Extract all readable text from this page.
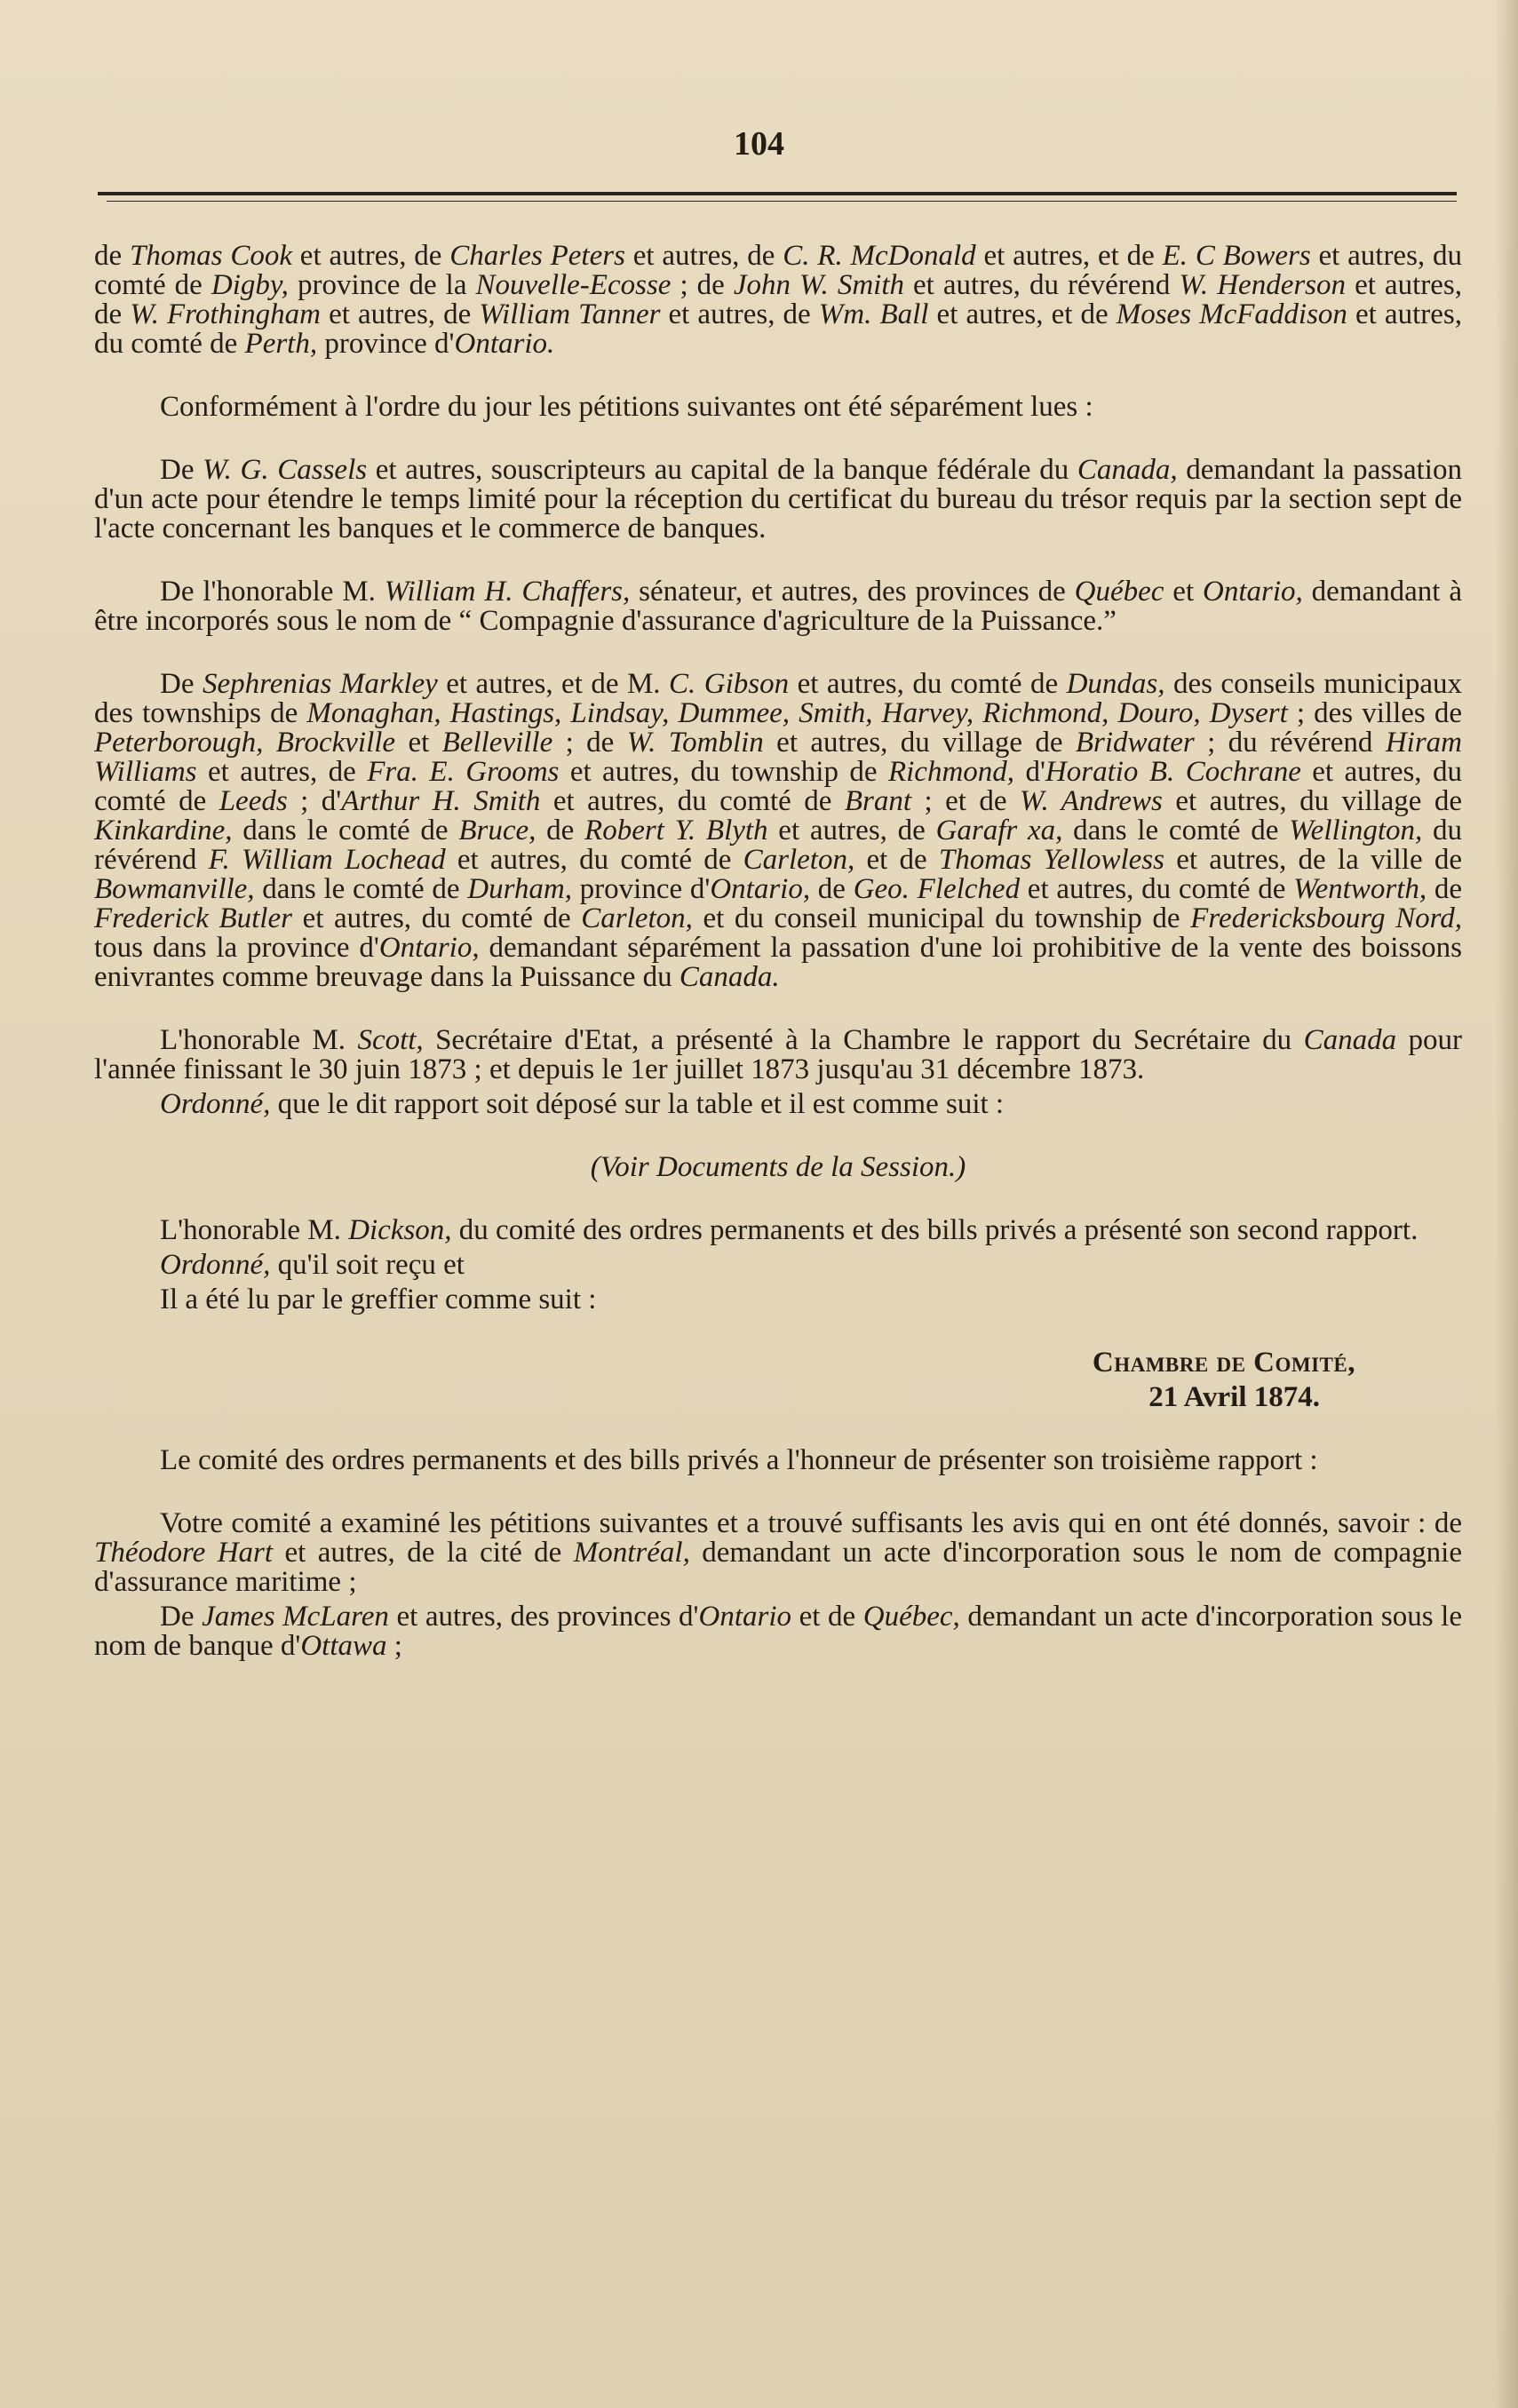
104

de Thomas Cook et autres, de Charles Peters et autres, de C. R. McDonald et autres, et de E. C Bowers et autres, du comté de Digby, province de la Nouvelle-Ecosse ; de John W. Smith et autres, du révérend W. Henderson et autres, de W. Frothingham et autres, de William Tanner et autres, de Wm. Ball et autres, et de Moses McFaddison et autres, du comté de Perth, province d'Ontario.

Conformément à l'ordre du jour les pétitions suivantes ont été séparément lues :

De W. G. Cassels et autres, souscripteurs au capital de la banque fédérale du Canada, demandant la passation d'un acte pour étendre le temps limité pour la réception du certificat du bureau du trésor requis par la section sept de l'acte concernant les banques et le commerce de banques.

De l'honorable M. William H. Chaffers, sénateur, et autres, des provinces de Québec et Ontario, demandant à être incorporés sous le nom de “ Compagnie d'assurance d'agriculture de la Puissance.”

De Sephrenias Markley et autres, et de M. C. Gibson et autres, du comté de Dundas, des conseils municipaux des townships de Monaghan, Hastings, Lindsay, Dummee, Smith, Harvey, Richmond, Douro, Dysert ; des villes de Peterborough, Brockville et Belleville ; de W. Tomblin et autres, du village de Bridwater ; du révérend Hiram Williams et autres, de Fra. E. Grooms et autres, du township de Richmond, d'Horatio B. Cochrane et autres, du comté de Leeds ; d'Arthur H. Smith et autres, du comté de Brant ; et de W. Andrews et autres, du village de Kinkardine, dans le comté de Bruce, de Robert Y. Blyth et autres, de Garafr xa, dans le comté de Wellington, du révérend F. William Lochead et autres, du comté de Carleton, et de Thomas Yellowless et autres, de la ville de Bowmanville, dans le comté de Durham, province d'Ontario, de Geo. Flelched et autres, du comté de Wentworth, de Frederick Butler et autres, du comté de Carleton, et du conseil municipal du township de Fredericksbourg Nord, tous dans la province d'Ontario, demandant séparément la passation d'une loi prohibitive de la vente des boissons enivrantes comme breuvage dans la Puissance du Canada.

L'honorable M. Scott, Secrétaire d'Etat, a présenté à la Chambre le rapport du Secrétaire du Canada pour l'année finissant le 30 juin 1873 ; et depuis le 1er juillet 1873 jusqu'au 31 décembre 1873.

Ordonné, que le dit rapport soit déposé sur la table et il est comme suit :

(Voir Documents de la Session.)

L'honorable M. Dickson, du comité des ordres permanents et des bills privés a présenté son second rapport.

Ordonné, qu'il soit reçu et

Il a été lu par le greffier comme suit :

Chambre de Comité,

21 Avril 1874.

Le comité des ordres permanents et des bills privés a l'honneur de présenter son troisième rapport :

Votre comité a examiné les pétitions suivantes et a trouvé suffisants les avis qui en ont été donnés, savoir : de Théodore Hart et autres, de la cité de Montréal, demandant un acte d'incorporation sous le nom de compagnie d'assurance maritime ;

De James McLaren et autres, des provinces d'Ontario et de Québec, demandant un acte d'incorporation sous le nom de banque d'Ottawa ;
